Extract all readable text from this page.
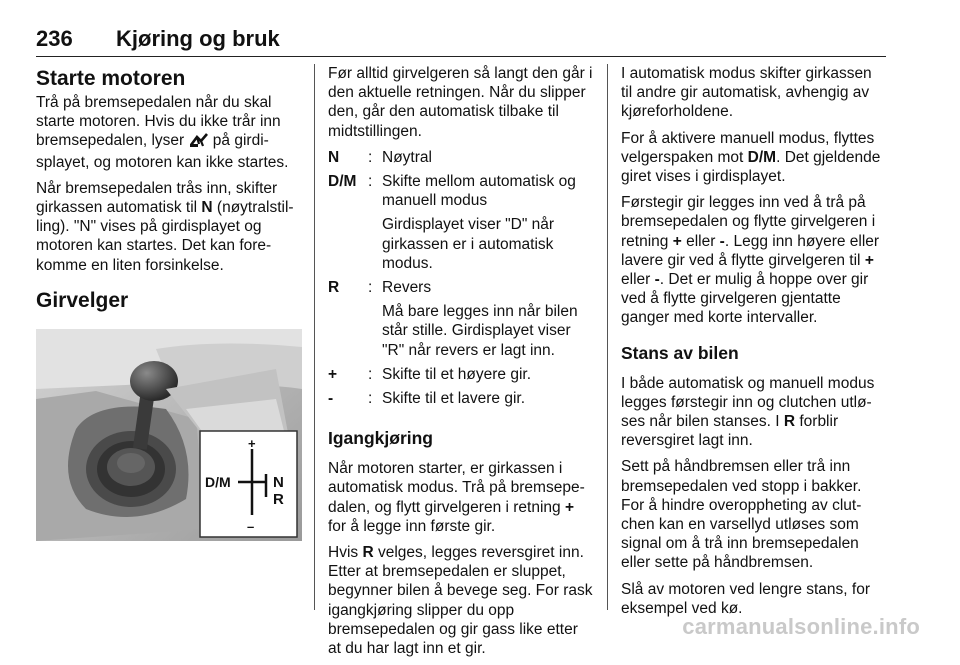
236 Kjøring og bruk
Starte motoren

Trå på bremsepedalen når du skal starte motoren. Hvis du ikke trår inn bremsepedalen, lyser  på girdisplayet, og motoren kan ikke startes.

Når bremsepedalen trås inn, skifter girkassen automatisk til N (nøytralstilling). "N" vises på girdisplayet og motoren kan startes. Det kan forekomme en liten forsinkelse.

Girvelger
+
–
D/M	N
R

Før alltid girvelgeren så langt den går i den aktuelle retningen. Når du slipper den, går den automatisk tilbake til midtstillingen.

N	: Nøytral

D/M : Skifte mellom automatisk og manuell modus

Girdisplayet viser "D" når girkassen er i automatisk modus.

R	: Revers

Må bare legges inn når bilen står stille. Girdisplayet viser "R" når revers er lagt inn.

+	: Skifte til et høyere gir.

-	: Skifte til et lavere gir.

Igangkjøring

Når motoren starter, er girkassen i automatisk modus. Trå på bremsepedalen, og flytt girvelgeren i retning + for å legge inn første gir.

Hvis R velges, legges reversgiret inn. Etter at bremsepedalen er sluppet, begynner bilen å bevege seg. For rask igangkjøring slipper du opp bremsepedalen og gir gass like etter at du har lagt inn et gir.

I automatisk modus skifter girkassen til andre gir automatisk, avhengig av kjøreforholdene.

For å aktivere manuell modus, flyttes velgerspaken mot D/M. Det gjeldende giret vises i girdisplayet.

Førstegir gir legges inn ved å trå på bremsepedalen og flytte girvelgeren i retning + eller -. Legg inn høyere eller lavere gir ved å flytte girvelgeren til + eller -. Det er mulig å hoppe over gir ved å flytte girvelgeren gjentatte ganger med korte intervaller.

Stans av bilen

I både automatisk og manuell modus legges førstegir inn og clutchen utløses når bilen stanses. I R forblir reversgiret lagt inn.

Sett på håndbremsen eller trå inn bremsepedalen ved stopp i bakker. For å hindre overoppheting av clutchen kan en varsellyd utløses som signal om å trå inn bremsepedalen eller sette på håndbremsen.

Slå av motoren ved lengre stans, for eksempel ved kø.

carmanualsonline.info
